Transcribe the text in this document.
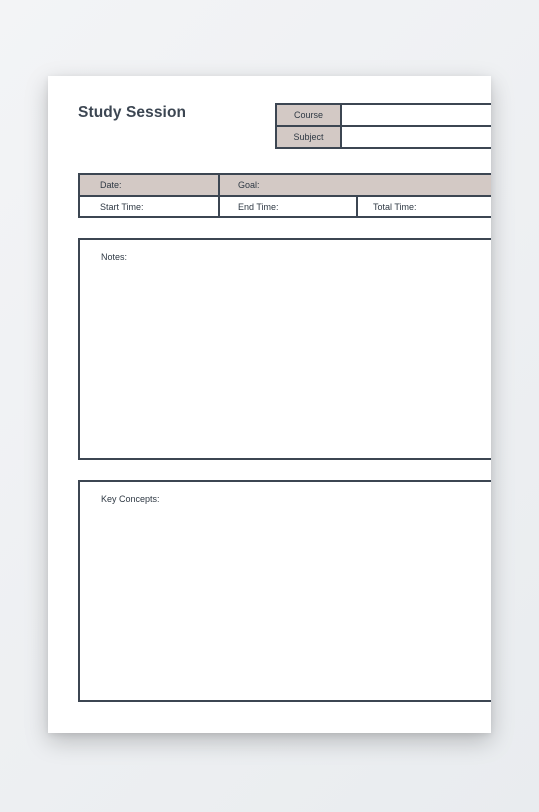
Study Session	Course
Subject
Date:	Goal:
Start Time:	End Time:	Total Time:
Notes:
Key Concepts:
